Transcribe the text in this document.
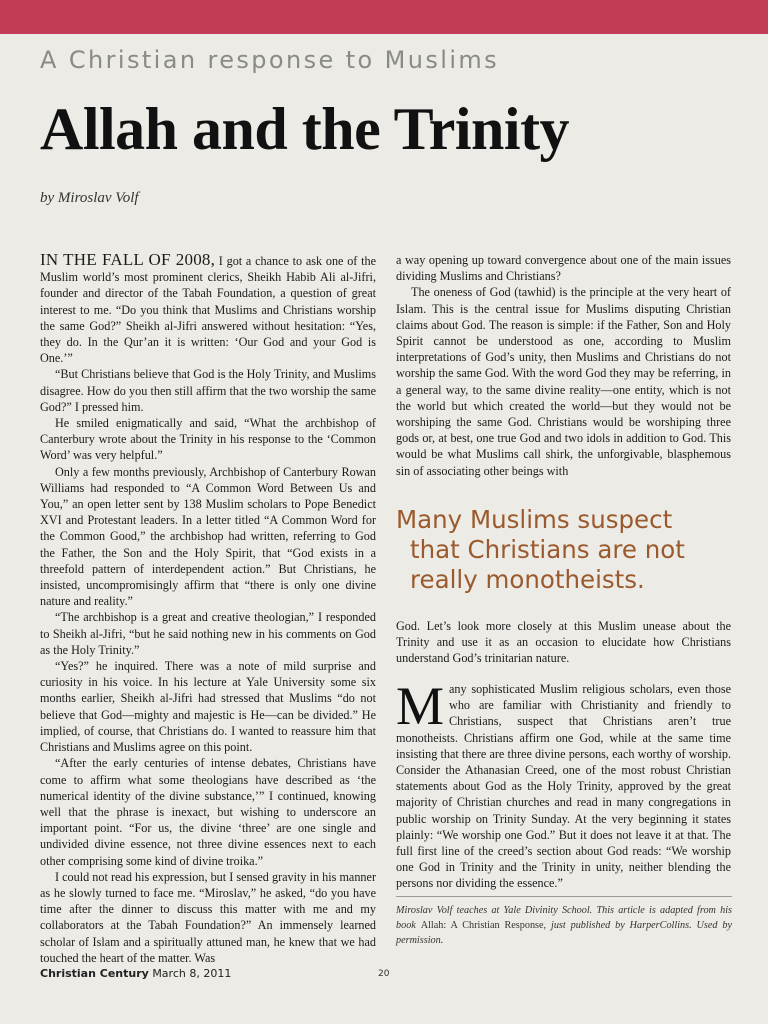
A Christian response to Muslims
Allah and the Trinity
by Miroslav Volf

IN THE FALL OF 2008, I got a chance to ask one of the Muslim world’s most prominent clerics, Sheikh Habib Ali al-Jifri, founder and director of the Tabah Foundation, a question of great interest to me. “Do you think that Muslims and Christians worship the same God?” Sheikh al-Jifri answered without hesitation: “Yes, they do. In the Qur’an it is written: ‘Our God and your God is One.’”

“But Christians believe that God is the Holy Trinity, and Muslims disagree. How do you then still affirm that the two worship the same God?” I pressed him.

He smiled enigmatically and said, “What the archbishop of Canterbury wrote about the Trinity in his response to the ‘Common Word’ was very helpful.”

Only a few months previously, Archbishop of Canterbury Rowan Williams had responded to “A Common Word Between Us and You,” an open letter sent by 138 Muslim scholars to Pope Benedict XVI and Protestant leaders. In a letter titled “A Common Word for the Common Good,” the archbishop had written, referring to God the Father, the Son and the Holy Spirit, that “God exists in a threefold pattern of interdependent action.” But Christians, he insisted, uncompromisingly affirm that “there is only one divine nature and reality.”

“The archbishop is a great and creative theologian,” I responded to Sheikh al-Jifri, “but he said nothing new in his comments on God as the Holy Trinity.”

“Yes?” he inquired. There was a note of mild surprise and curiosity in his voice. In his lecture at Yale University some six months earlier, Sheikh al-Jifri had stressed that Muslims “do not believe that God—mighty and majestic is He—can be divided.” He implied, of course, that Christians do. I wanted to reassure him that Christians and Muslims agree on this point.

“After the early centuries of intense debates, Christians have come to affirm what some theologians have described as ‘the numerical identity of the divine substance,’” I continued, knowing well that the phrase is inexact, but wishing to underscore an important point. “For us, the divine ‘three’ are one single and undivided divine essence, not three divine essences next to each other comprising some kind of divine troika.”

I could not read his expression, but I sensed gravity in his manner as he slowly turned to face me. “Miroslav,” he asked, “do you have time after the dinner to discuss this matter with me and my collaborators at the Tabah Foundation?” An immensely learned scholar of Islam and a spiritually attuned man, he knew that we had touched the heart of the matter. Was

a way opening up toward convergence about one of the main issues dividing Muslims and Christians?

The oneness of God (tawhid) is the principle at the very heart of Islam. This is the central issue for Muslims disputing Christian claims about God. The reason is simple: if the Father, Son and Holy Spirit cannot be understood as one, according to Muslim interpretations of God’s unity, then Muslims and Christians do not worship the same God. With the word God they may be referring, in a general way, to the same divine reality—one entity, which is not the world but which created the world—but they would not be worshiping the same God. Christians would be worshiping three gods or, at best, one true God and two idols in addition to God. This would be what Muslims call shirk, the unforgivable, blasphemous sin of associating other beings with

Many Muslims suspect
that Christians are not
really monotheists.

God. Let’s look more closely at this Muslim unease about the Trinity and use it as an occasion to elucidate how Christians understand God’s trinitarian nature.

Many sophisticated Muslim religious scholars, even those who are familiar with Christianity and friendly to Christians, suspect that Christians aren’t true monotheists. Christians affirm one God, while at the same time insisting that there are three divine persons, each worthy of worship. Consider the Athanasian Creed, one of the most robust Christian statements about God as the Holy Trinity, approved by the great majority of Christian churches and read in many congregations in public worship on Trinity Sunday. At the very beginning it states plainly: “We worship one God.” But it does not leave it at that. The full first line of the creed’s section about God reads: “We worship one God in Trinity and the Trinity in unity, neither blending the persons nor dividing the essence.”

Miroslav Volf teaches at Yale Divinity School. This article is adapted from his book Allah: A Christian Response, just published by HarperCollins. Used by permission.
Christian Century March 8, 2011	20
